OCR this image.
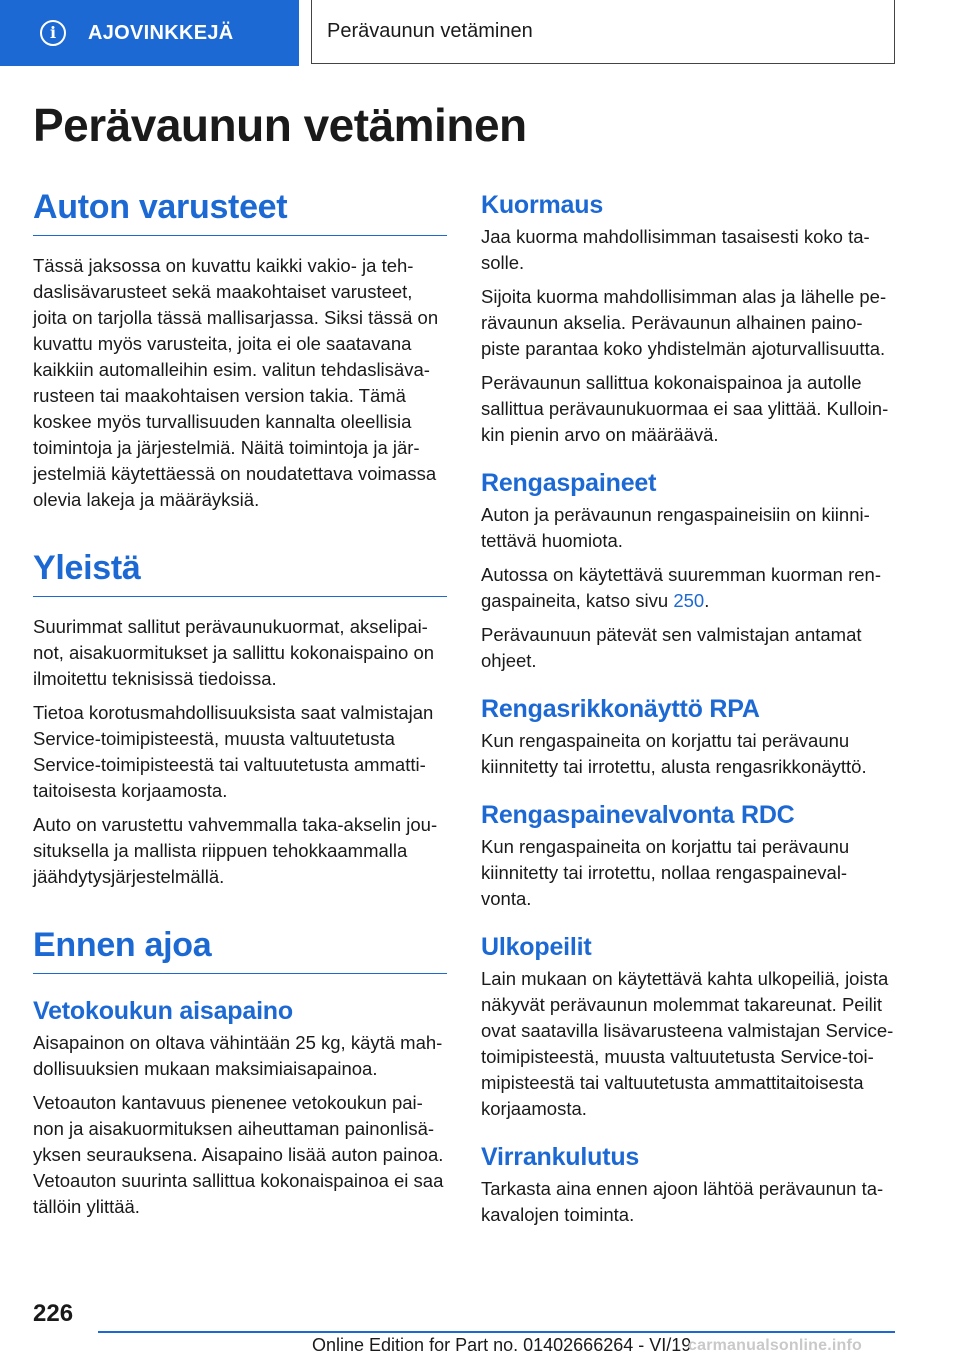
i	AJOVINKKEJÄ	Perävaunun vetäminen
Perävaunun vetäminen
Auton varusteet

Tässä jaksossa on kuvattu kaikki vakio- ja teh-daslisävarusteet sekä maakohtaiset varusteet, joita on tarjolla tässä mallisarjassa. Siksi tässä on kuvattu myös varusteita, joita ei ole saatavana kaikkiin automalleihin esim. valitun tehdaslisäva-rusteen tai maakohtaisen version takia. Tämä koskee myös turvallisuuden kannalta oleellisia toimintoja ja järjestelmiä. Näitä toimintoja ja jär-jestelmiä käytettäessä on noudatettava voimassa olevia lakeja ja määräyksiä.

Yleistä

Suurimmat sallitut perävaunukuormat, akselipai-not, aisakuormitukset ja sallittu kokonaispaino on ilmoitettu teknisissä tiedoissa.

Tietoa korotusmahdollisuuksista saat valmistajan Service-toimipisteestä, muusta valtuutetusta Service-toimipisteestä tai valtuutetusta ammatti-taitoisesta korjaamosta.

Auto on varustettu vahvemmalla taka-akselin jou-situksella ja mallista riippuen tehokkaammalla jäähdytysjärjestelmällä.

Ennen ajoa
Vetokoukun aisapaino

Aisapainon on oltava vähintään 25 kg, käytä mah-dollisuuksien mukaan maksimiaisapainoa.

Vetoauton kantavuus pienenee vetokoukun pai-non ja aisakuormituksen aiheuttaman painonlisä-yksen seurauksena. Aisapaino lisää auton painoa. Vetoauton suurinta sallittua kokonaispainoa ei saa tällöin ylittää.

Kuormaus

Jaa kuorma mahdollisimman tasaisesti koko ta-solle.

Sijoita kuorma mahdollisimman alas ja lähelle pe-rävaunun akselia. Perävaunun alhainen paino-piste parantaa koko yhdistelmän ajoturvallisuutta.

Perävaunun sallittua kokonaispainoa ja autolle sallittua perävaunukuormaa ei saa ylittää. Kulloin-kin pienin arvo on määräävä.

Rengaspaineet

Auton ja perävaunun rengaspaineisiin on kiinni-tettävä huomiota.

Autossa on käytettävä suuremman kuorman ren-gaspaineita, katso sivu 250.

Perävaunuun pätevät sen valmistajan antamat ohjeet.

Rengasrikkonäyttö RPA

Kun rengaspaineita on korjattu tai perävaunu kiinnitetty tai irrotettu, alusta rengasrikkonäyttö.

Rengaspainevalvonta RDC

Kun rengaspaineita on korjattu tai perävaunu kiinnitetty tai irrotettu, nollaa rengaspaineval-vonta.

Ulkopeilit

Lain mukaan on käytettävä kahta ulkopeiliä, joista näkyvät perävaunun molemmat takareunat. Peilit ovat saatavilla lisävarusteena valmistajan Service-toimipisteestä, muusta valtuutetusta Service-toi-mipisteestä tai valtuutetusta ammattitaitoisesta korjaamosta.

Virrankulutus

Tarkasta aina ennen ajoon lähtöä perävaunun ta-kavalojen toiminta.

226
Online Edition for Part no. 01402666264 - VI/19
carmanualsonline.info
